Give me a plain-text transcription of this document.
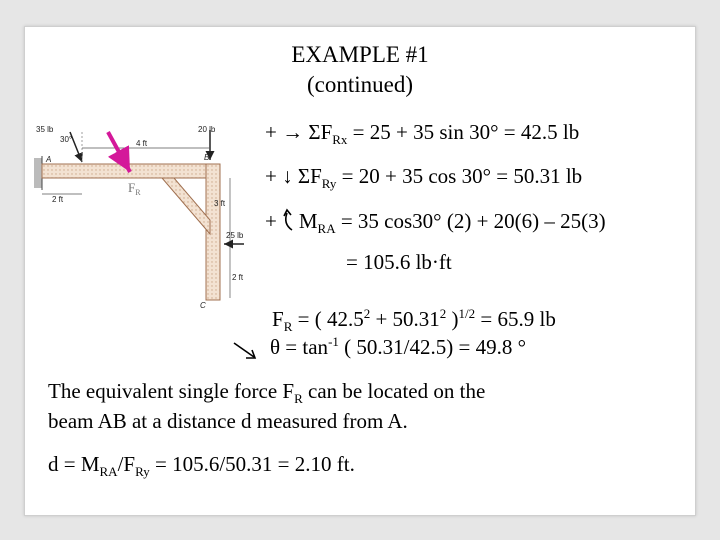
EXAMPLE #1
(continued)
35 lb
30°
20 lb
4 ft
A	B
C
2 ft
$F_R$
3 ft
25 lb
2 ft
+ → $\Sigma F_{Rx} = 25 + 35$ sin 30° = 42.5 lb
+ ↓ $\Sigma F_{Ry} = 20 + 35$ cos 30° = 50.31 lb
+ $M_{RA} = 35$ cos30° (2) + 20(6) – 25(3)
= 105.6 lb·ft
$F_R$ = ( $42.5^2 + 50.31^2$ )$^{1/2}$ = 65.9 lb
$\theta = \tan^{-1}$ ( 50.31/42.5) = 49.8 °
The equivalent single force $F_R$ can be located on the
beam AB at a distance d measured from A.
$d = M_{RA}/F_{Ry} = 105.6/50.31 = 2.10$ ft.
